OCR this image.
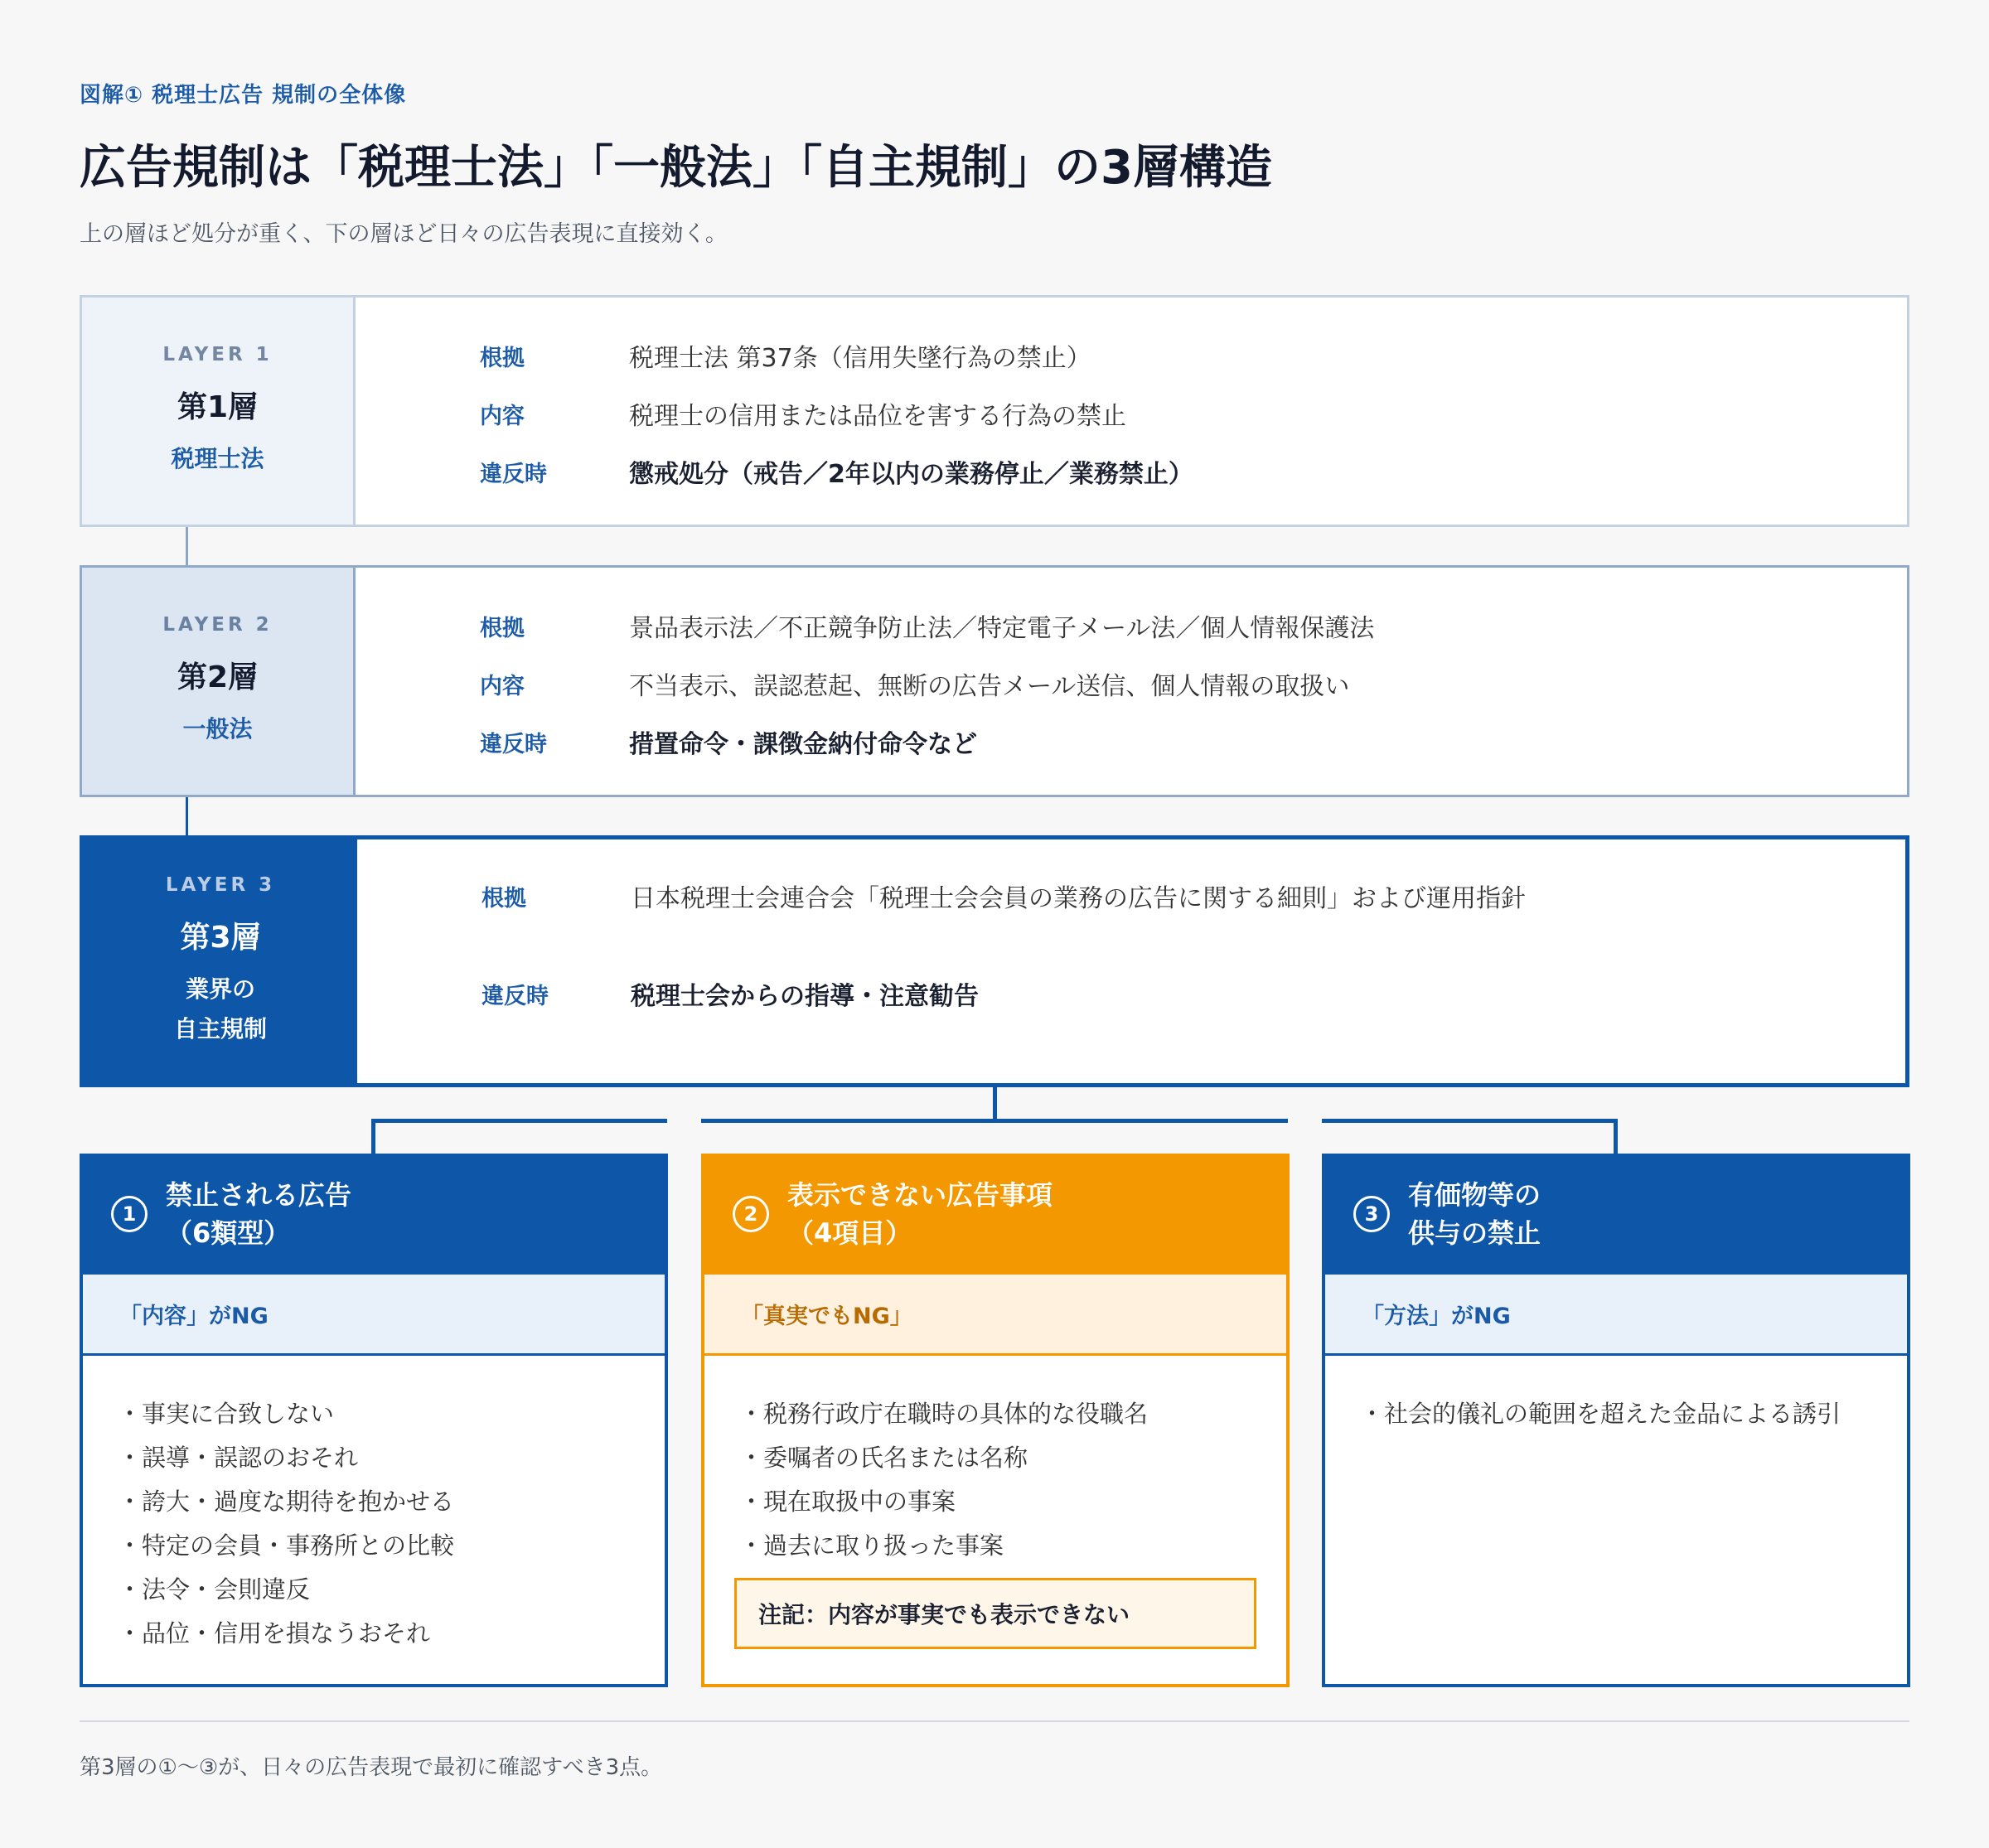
図解① 税理士広告 規制の全体像
広告規制は「税理士法」「一般法」「自主規制」の3層構造
上の層ほど処分が重く、下の層ほど日々の広告表現に直接効く。
LAYER 1
第1層
税理士法
根拠	税理士法 第37条（信用失墜行為の禁止）
内容	税理士の信用または品位を害する行為の禁止
違反時	懲戒処分（戒告／2年以内の業務停止／業務禁止）
LAYER 2
第2層
一般法
根拠	景品表示法／不正競争防止法／特定電子メール法／個人情報保護法
内容	不当表示、誤認惹起、無断の広告メール送信、個人情報の取扱い
違反時	措置命令・課徴金納付命令など
LAYER 3
第3層
業界の
自主規制
根拠	日本税理士会連合会「税理士会会員の業務の広告に関する細則」および運用指針
違反時	税理士会からの指導・注意勧告
1
禁止される広告
（6類型）
「内容」がNG
・ 事実に合致しない
・ 誤導・誤認のおそれ
・ 誇大・過度な期待を抱かせる
・ 特定の会員・事務所との比較
・ 法令・会則違反
・ 品位・信用を損なうおそれ
2
表示できない広告事項
（4項目）
「真実でもNG」
・ 税務行政庁在職時の具体的な役職名
・ 委嘱者の氏名または名称
・ 現在取扱中の事案
・ 過去に取り扱った事案
注記：内容が事実でも表示できない
3
有価物等の
供与の禁止
「方法」がNG
・ 社会的儀礼の範囲を超えた金品による誘引
第3層の①〜③が、日々の広告表現で最初に確認すべき3点。
